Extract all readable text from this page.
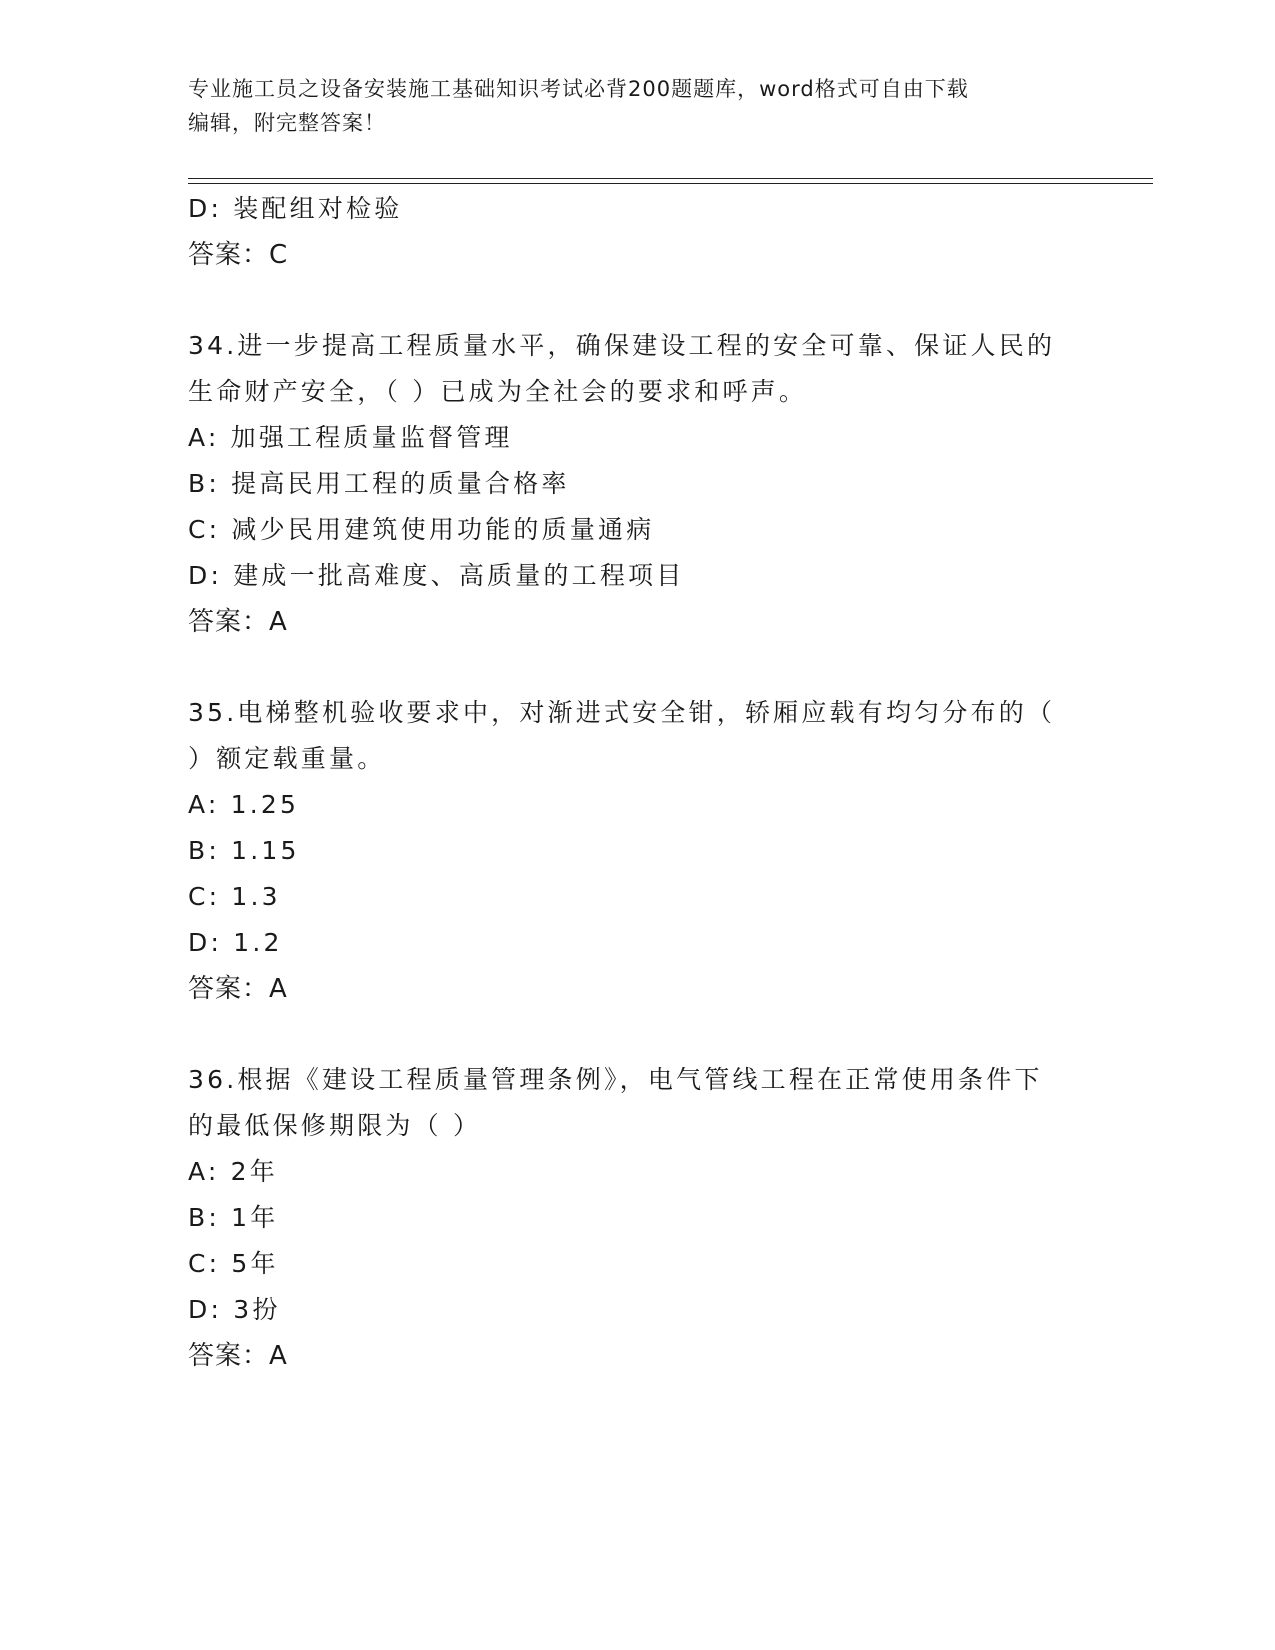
专业施工员之设备安装施工基础知识考试必背200题题库，word格式可自由下载
编辑，附完整答案！
D: 装配组对检验
答案：C
34.进一步提高工程质量水平，确保建设工程的安全可靠、保证人民的
生命财产安全，（ ）已成为全社会的要求和呼声。
A: 加强工程质量监督管理
B: 提高民用工程的质量合格率
C: 减少民用建筑使用功能的质量通病
D: 建成一批高难度、高质量的工程项目
答案：A
35.电梯整机验收要求中，对渐进式安全钳，轿厢应载有均匀分布的（
）额定载重量。
A: 1.25
B: 1.15
C: 1.3
D: 1.2
答案：A
36.根据《建设工程质量管理条例》，电气管线工程在正常使用条件下
的最低保修期限为（ ）
A: 2年
B: 1年
C: 5年
D: 3扮
答案：A
